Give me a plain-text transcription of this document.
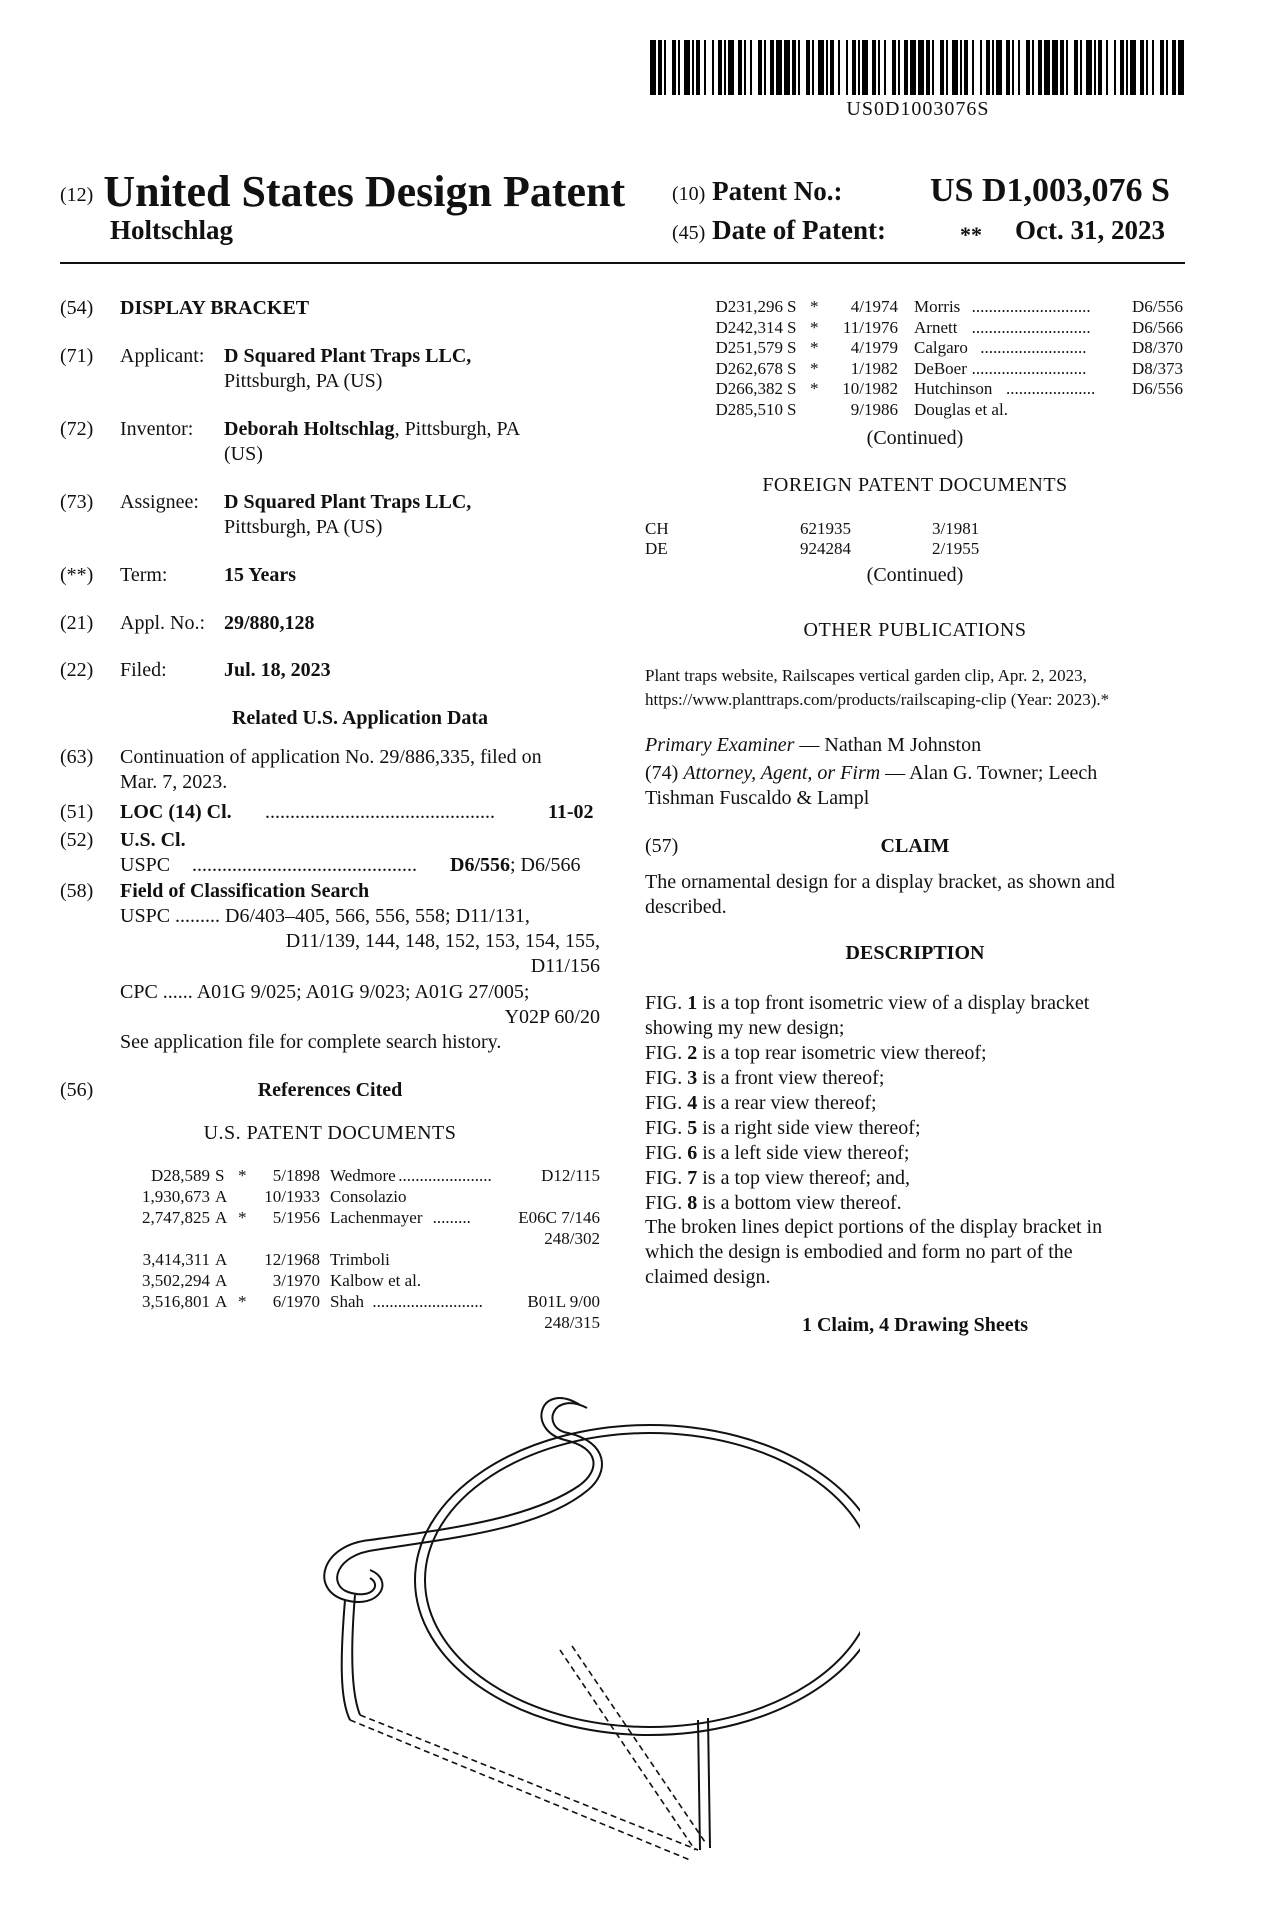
US0D1003076S
(12) United States Design Patent
Holtschlag
(10) Patent No.:	US D1,003,076 S
(45) Date of Patent:	** Oct. 31, 2023
(54) DISPLAY BRACKET
(71) Applicant: D Squared Plant Traps LLC,
Pittsburgh, PA (US)
(72) Inventor: Deborah Holtschlag, Pittsburgh, PA
(US)
(73) Assignee: D Squared Plant Traps LLC,
Pittsburgh, PA (US)
(**) Term:	15 Years
(21) Appl. No.: 29/880,128
(22) Filed:	Jul. 18, 2023
Related U.S. Application Data
(63) Continuation of application No. 29/886,335, filed on
Mar. 7, 2023.
(51) LOC (14) Cl. ..............................................	11-02
(52) U.S. Cl.
USPC .............................................	D6/556; D6/566
(58) Field of Classification Search
USPC ......... D6/403–405, 566, 556, 558; D11/131,
D11/139, 144, 148, 152, 153, 154, 155,
D11/156
CPC ...... A01G 9/025; A01G 9/023; A01G 27/005;
Y02P 60/20
See application file for complete search history.
(56)	References Cited
U.S. PATENT DOCUMENTS
D28,589 S * 5/1898 Wedmore ......................	D12/115
1,930,673 A 10/1933 Consolazio
2,747,825 A * 5/1956 Lachenmayer .........	E06C 7/146
248/302
3,414,311 A 12/1968 Trimboli
3,502,294 A	3/1970 Kalbow et al.
3,516,801 A * 6/1970 Shah ..........................	B01L 9/00
248/315
D231,296 S * 4/1974 Morris ............................	D6/556
D242,314 S * 11/1976 Arnett ............................	D6/566
D251,579 S * 4/1979 Calgaro .........................	D8/370
D262,678 S * 1/1982 DeBoer ...........................	D8/373
D266,382 S * 10/1982 Hutchinson .....................	D6/556
D285,510 S	9/1986 Douglas et al.
(Continued)
FOREIGN PATENT DOCUMENTS
CH	621935	3/1981
DE	924284	2/1955
(Continued)
OTHER PUBLICATIONS
Plant traps website, Railscapes vertical garden clip, Apr. 2, 2023,
https://www.planttraps.com/products/railscaping-clip (Year: 2023).*
Primary Examiner — Nathan M Johnston
(74) Attorney, Agent, or Firm — Alan G. Towner; Leech
Tishman Fuscaldo & Lampl
(57)	CLAIM
The ornamental design for a display bracket, as shown and
described.
DESCRIPTION
FIG. 1 is a top front isometric view of a display bracket
showing my new design;
FIG. 2 is a top rear isometric view thereof;
FIG. 3 is a front view thereof;
FIG. 4 is a rear view thereof;
FIG. 5 is a right side view thereof;
FIG. 6 is a left side view thereof;
FIG. 7 is a top view thereof; and,
FIG. 8 is a bottom view thereof.
The broken lines depict portions of the display bracket in
which the design is embodied and form no part of the
claimed design.
1 Claim, 4 Drawing Sheets
